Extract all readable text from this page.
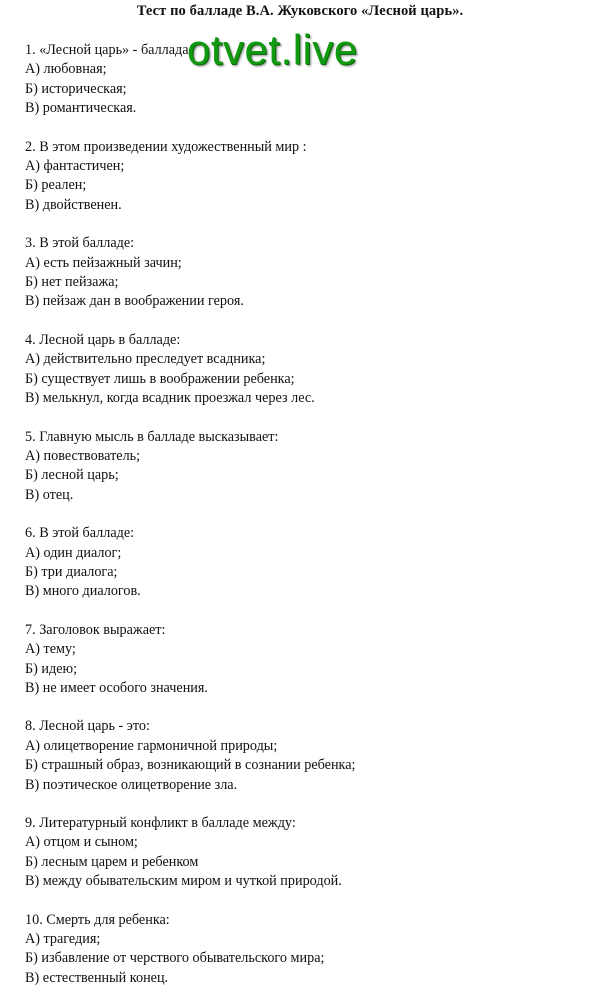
Тест по балладе В.А. Жуковского «Лесной царь».
1. «Лесной царь» - баллада
А) любовная;
Б) историческая;
В) романтическая.
2. В этом произведении художественный мир :
А) фантастичен;
Б) реален;
В) двойственен.
3. В этой балладе:
А) есть пейзажный зачин;
Б) нет пейзажа;
В) пейзаж дан в воображении героя.
4. Лесной царь в балладе:
А) действительно преследует всадника;
Б) существует лишь в воображении ребенка;
В) мелькнул, когда всадник проезжал через лес.
5. Главную мысль в балладе высказывает:
А) повествователь;
Б) лесной царь;
В) отец.
6. В этой балладе:
А) один диалог;
Б) три диалога;
В) много диалогов.
7. Заголовок выражает:
А) тему;
Б) идею;
В) не имеет особого значения.
8. Лесной царь - это:
А) олицетворение гармоничной природы;
Б) страшный образ, возникающий в сознании ребенка;
В) поэтическое олицетворение зла.
9. Литературный конфликт в балладе между:
А) отцом и сыном;
Б) лесным царем и ребенком
В) между обывательским миром и чуткой природой.
10. Смерть для ребенка:
А) трагедия;
Б) избавление от черствого обывательского мира;
В) естественный конец.
otvet.live
